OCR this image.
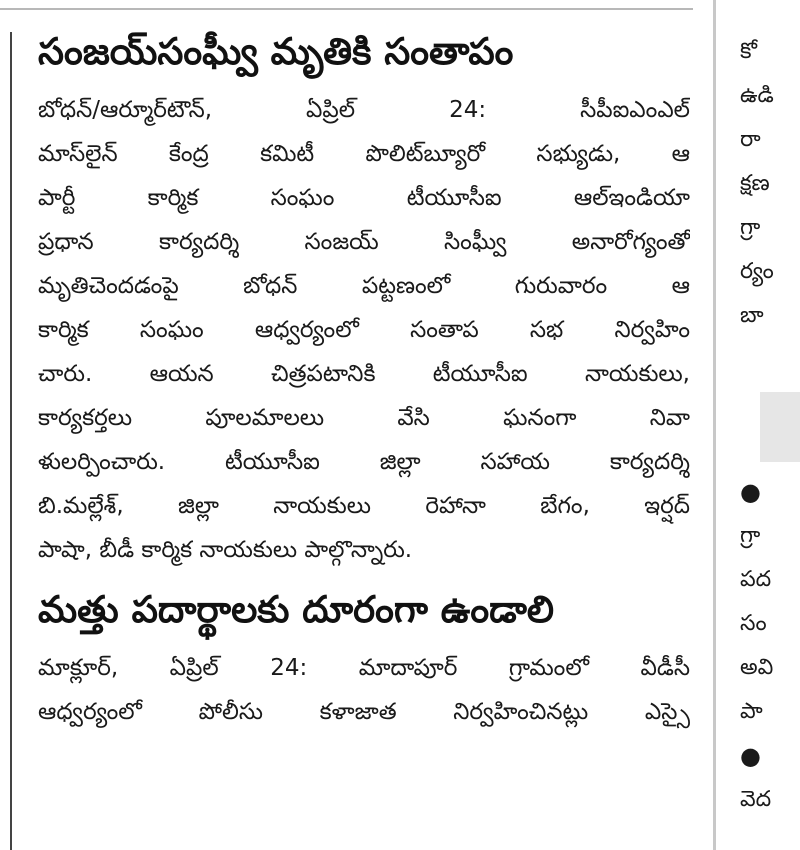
సంజయ్‌సంఘ్వీ మృతికి సంతాపం
బోధన్/ఆర్మూర్‌టౌన్, ఏప్రిల్ 24: సీపీఐఎంఎల్
మాస్‌లైన్ కేంద్ర కమిటీ పొలిట్‌బ్యూరో సభ్యుడు, ఆ
పార్టీ కార్మిక సంఘం టీయూసీఐ ఆల్‌ఇండియా
ప్రధాన కార్యదర్శి సంజయ్ సింఘ్వీ అనారోగ్యంతో
మృతిచెందడంపై బోధన్ పట్టణంలో గురువారం ఆ
కార్మిక సంఘం ఆధ్వర్యంలో సంతాప సభ నిర్వహిం
చారు. ఆయన చిత్రపటానికి టీయూసీఐ నాయకులు,
కార్యకర్తలు పూలమాలలు వేసి ఘనంగా నివా
ళులర్పించారు. టీయూసీఐ జిల్లా సహాయ కార్యదర్శి
బి.మల్లేశ్, జిల్లా నాయకులు రెహానా బేగం, ఇర్షద్
పాషా, బీడీ కార్మిక నాయకులు పాల్గొన్నారు.
మత్తు పదార్థాలకు దూరంగా ఉండాలి
మాక్లూర్, ఏప్రిల్ 24: మాదాపూర్ గ్రామంలో వీడీసీ
ఆధ్వర్యంలో పోలీసు కళాజాత నిర్వహించినట్లు ఎస్సై
కో
ఉడి
రా
క్షణ
గ్రా
ర్యం
బా
●
గ్రా
పద
సం
అవి
పా
●
వెద
